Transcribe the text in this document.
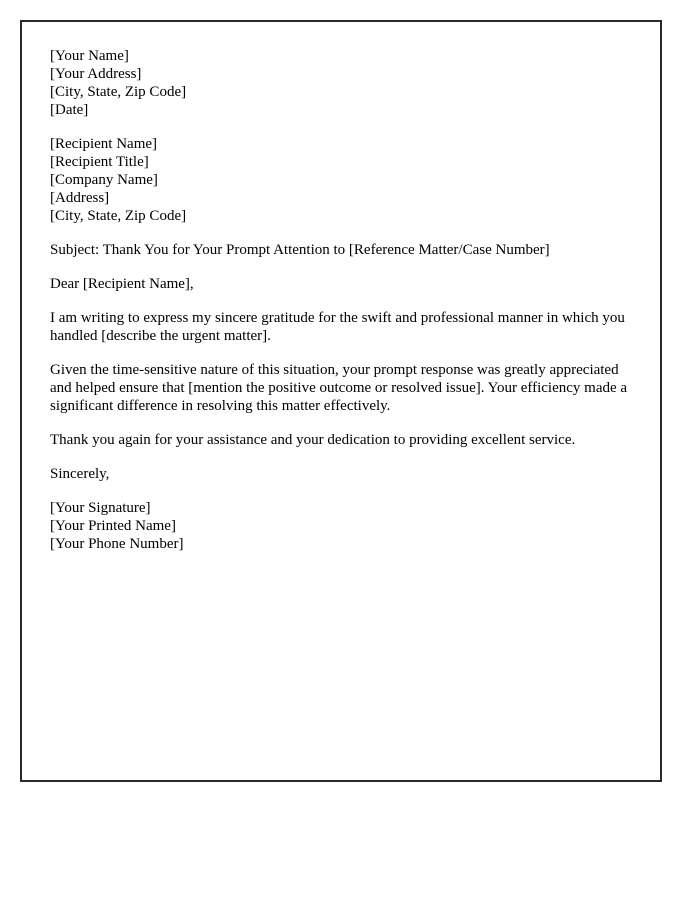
[Your Name]
[Your Address]
[City, State, Zip Code]
[Date]
[Recipient Name]
[Recipient Title]
[Company Name]
[Address]
[City, State, Zip Code]

Subject: Thank You for Your Prompt Attention to [Reference Matter/Case Number]

Dear [Recipient Name],

I am writing to express my sincere gratitude for the swift and professional manner in which you handled [describe the urgent matter].

Given the time-sensitive nature of this situation, your prompt response was greatly appreciated and helped ensure that [mention the positive outcome or resolved issue]. Your efficiency made a significant difference in resolving this matter effectively.

Thank you again for your assistance and your dedication to providing excellent service.

Sincerely,

[Your Signature]
[Your Printed Name]
[Your Phone Number]
